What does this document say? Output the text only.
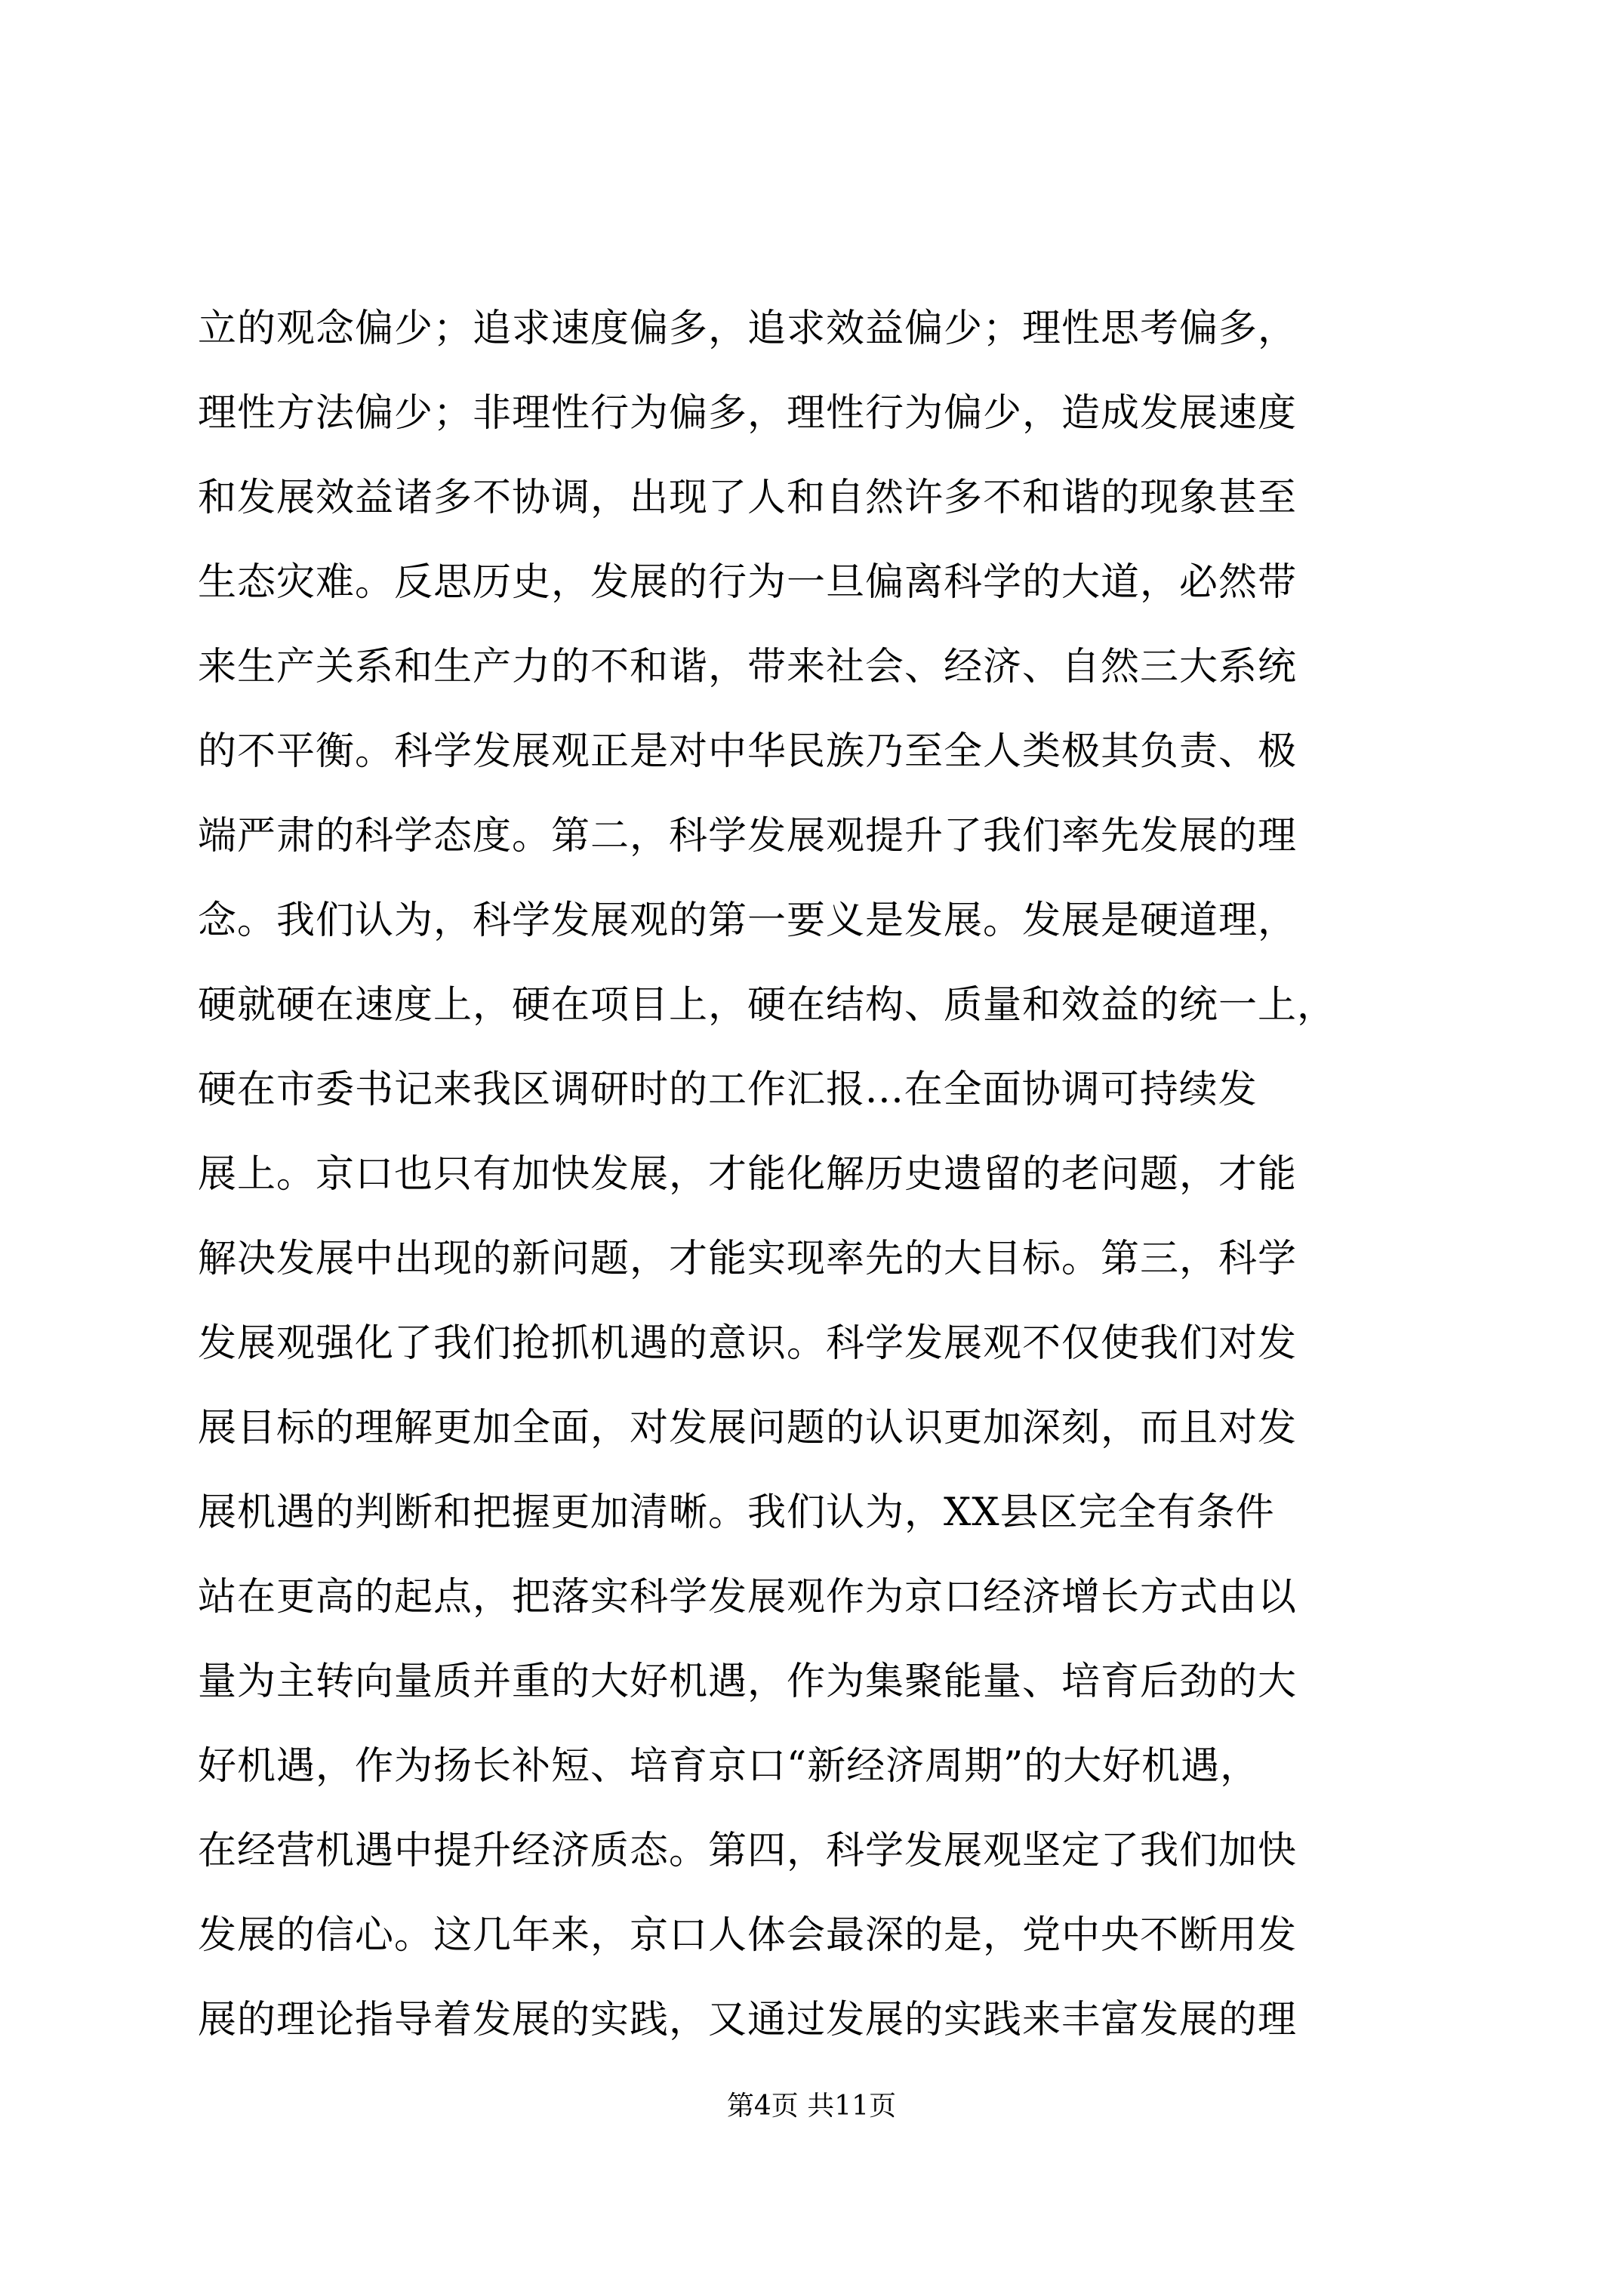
立的观念偏少；追求速度偏多，追求效益偏少；理性思考偏多，
理性方法偏少；非理性行为偏多，理性行为偏少，造成发展速度
和发展效益诸多不协调，出现了人和自然许多不和谐的现象甚至
生态灾难。反思历史，发展的行为一旦偏离科学的大道，必然带
来生产关系和生产力的不和谐，带来社会、经济、自然三大系统
的不平衡。科学发展观正是对中华民族乃至全人类极其负责、极
端严肃的科学态度。第二，科学发展观提升了我们率先发展的理
念。我们认为，科学发展观的第一要义是发展。发展是硬道理，
硬就硬在速度上，硬在项目上，硬在结构、质量和效益的统一上，
硬在市委书记来我区调研时的工作汇报...在全面协调可持续发
展上。京口也只有加快发展，才能化解历史遗留的老问题，才能
解决发展中出现的新问题，才能实现率先的大目标。第三，科学
发展观强化了我们抢抓机遇的意识。科学发展观不仅使我们对发
展目标的理解更加全面，对发展问题的认识更加深刻，而且对发
展机遇的判断和把握更加清晰。我们认为，XX县区完全有条件
站在更高的起点，把落实科学发展观作为京口经济增长方式由以
量为主转向量质并重的大好机遇，作为集聚能量、培育后劲的大
好机遇，作为扬长补短、培育京口“新经济周期”的大好机遇，
在经营机遇中提升经济质态。第四，科学发展观坚定了我们加快
发展的信心。这几年来，京口人体会最深的是，党中央不断用发
展的理论指导着发展的实践，又通过发展的实践来丰富发展的理
第4页 共11页
